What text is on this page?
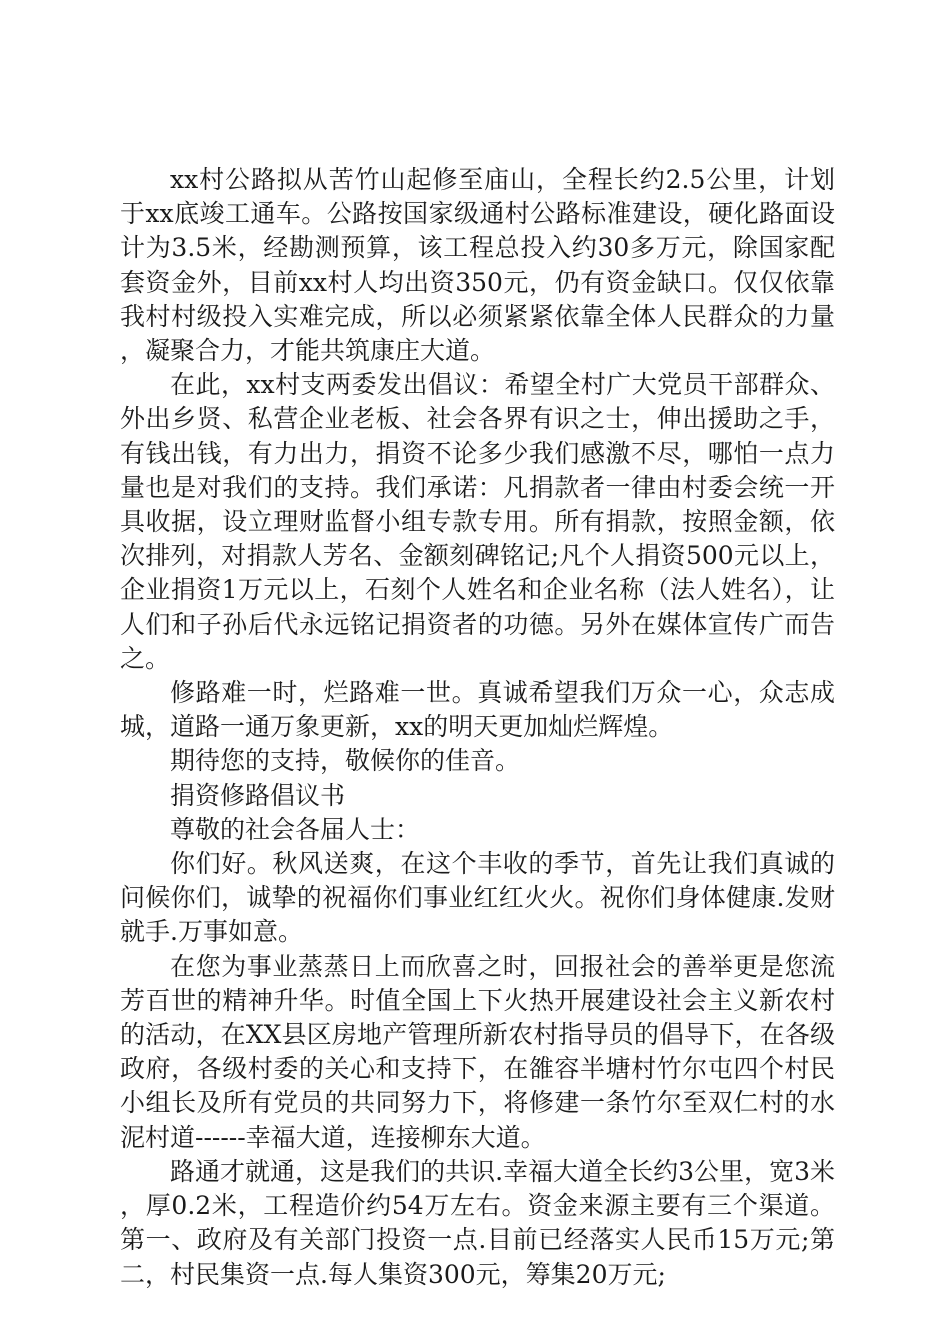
xx村公路拟从苦竹山起修至庙山，全程长约2.5公里，计划于xx底竣工通车。公路按国家级通村公路标准建设，硬化路面设计为3.5米，经勘测预算，该工程总投入约30多万元，除国家配套资金外，目前xx村人均出资350元，仍有资金缺口。仅仅依靠我村村级投入实难完成，所以必须紧紧依靠全体人民群众的力量，凝聚合力，才能共筑康庄大道。

在此，xx村支两委发出倡议：希望全村广大党员干部群众、外出乡贤、私营企业老板、社会各界有识之士，伸出援助之手，有钱出钱，有力出力，捐资不论多少我们感激不尽，哪怕一点力量也是对我们的支持。我们承诺：凡捐款者一律由村委会统一开具收据，设立理财监督小组专款专用。所有捐款，按照金额，依次排列，对捐款人芳名、金额刻碑铭记;凡个人捐资500元以上，企业捐资1万元以上，石刻个人姓名和企业名称（法人姓名），让人们和子孙后代永远铭记捐资者的功德。另外在媒体宣传广而告之。

修路难一时，烂路难一世。真诚希望我们万众一心，众志成城，道路一通万象更新，xx的明天更加灿烂辉煌。

期待您的支持，敬候你的佳音。

捐资修路倡议书

尊敬的社会各届人士：

你们好。秋风送爽，在这个丰收的季节，首先让我们真诚的问候你们，诚挚的祝福你们事业红红火火。祝你们身体健康.发财就手.万事如意。

在您为事业蒸蒸日上而欣喜之时，回报社会的善举更是您流芳百世的精神升华。时值全国上下火热开展建设社会主义新农村的活动，在XX县区房地产管理所新农村指导员的倡导下，在各级政府，各级村委的关心和支持下，在雒容半塘村竹尔屯四个村民小组长及所有党员的共同努力下，将修建一条竹尔至双仁村的水泥村道------幸福大道，连接柳东大道。

路通才就通，这是我们的共识.幸福大道全长约3公里，宽3米，厚0.2米，工程造价约54万左右。资金来源主要有三个渠道。第一、政府及有关部门投资一点.目前已经落实人民币15万元;第二，村民集资一点.每人集资300元，筹集20万元;
